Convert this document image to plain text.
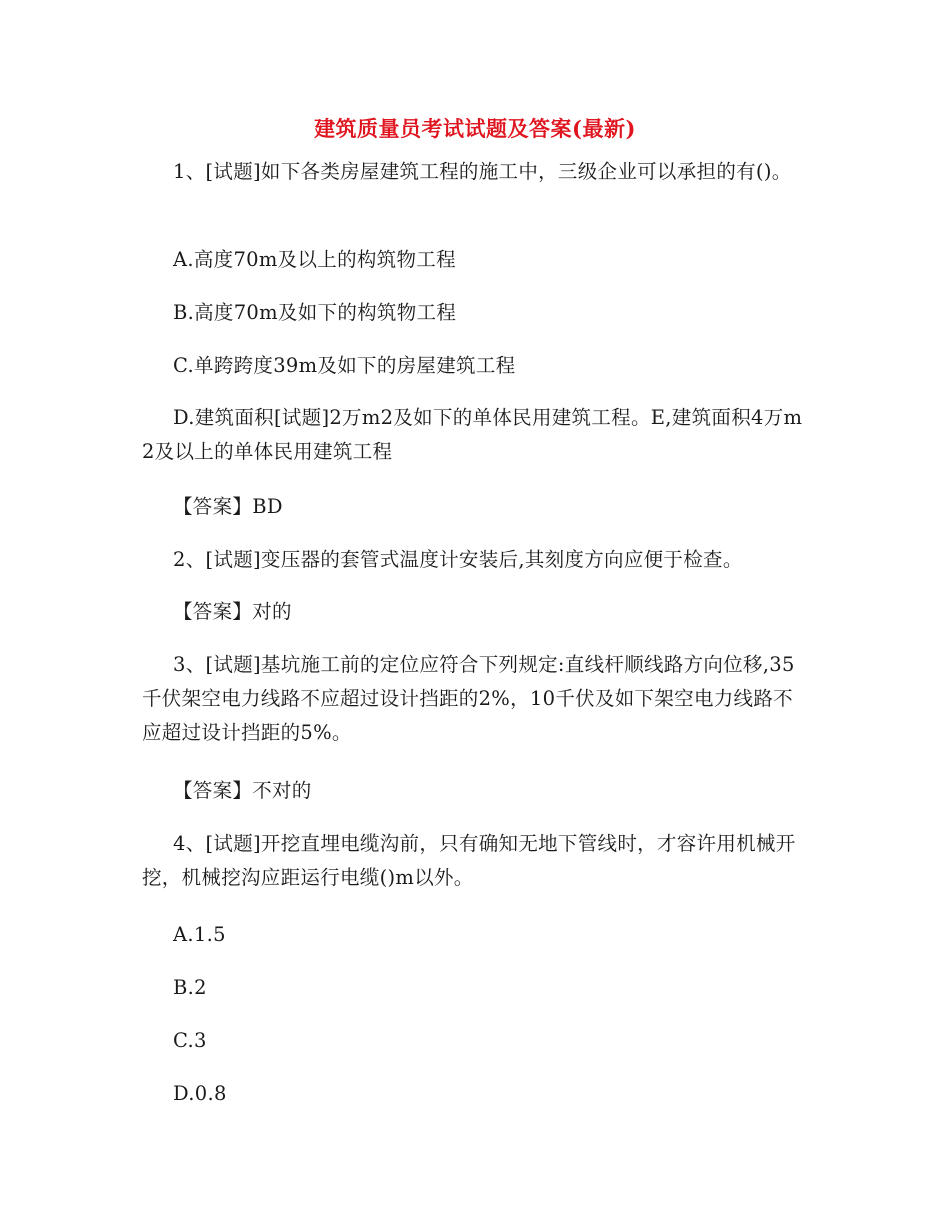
建筑质量员考试试题及答案(最新)
1、[试题]如下各类房屋建筑工程的施工中，三级企业可以承担的有()。
A.高度70m及以上的构筑物工程
B.高度70m及如下的构筑物工程
C.单跨跨度39m及如下的房屋建筑工程
D.建筑面积[试题]2万m2及如下的单体民用建筑工程。E,建筑面积4万m2及以上的单体民用建筑工程
【答案】BD
2、[试题]变压器的套管式温度计安装后,其刻度方向应便于检查。
【答案】对的
3、[试题]基坑施工前的定位应符合下列规定:直线杆顺线路方向位移,35千伏架空电力线路不应超过设计挡距的2%，10千伏及如下架空电力线路不应超过设计挡距的5%。
【答案】不对的
4、[试题]开挖直埋电缆沟前，只有确知无地下管线时，才容许用机械开挖，机械挖沟应距运行电缆()m以外。
A.1.5
B.2
C.3
D.0.8
